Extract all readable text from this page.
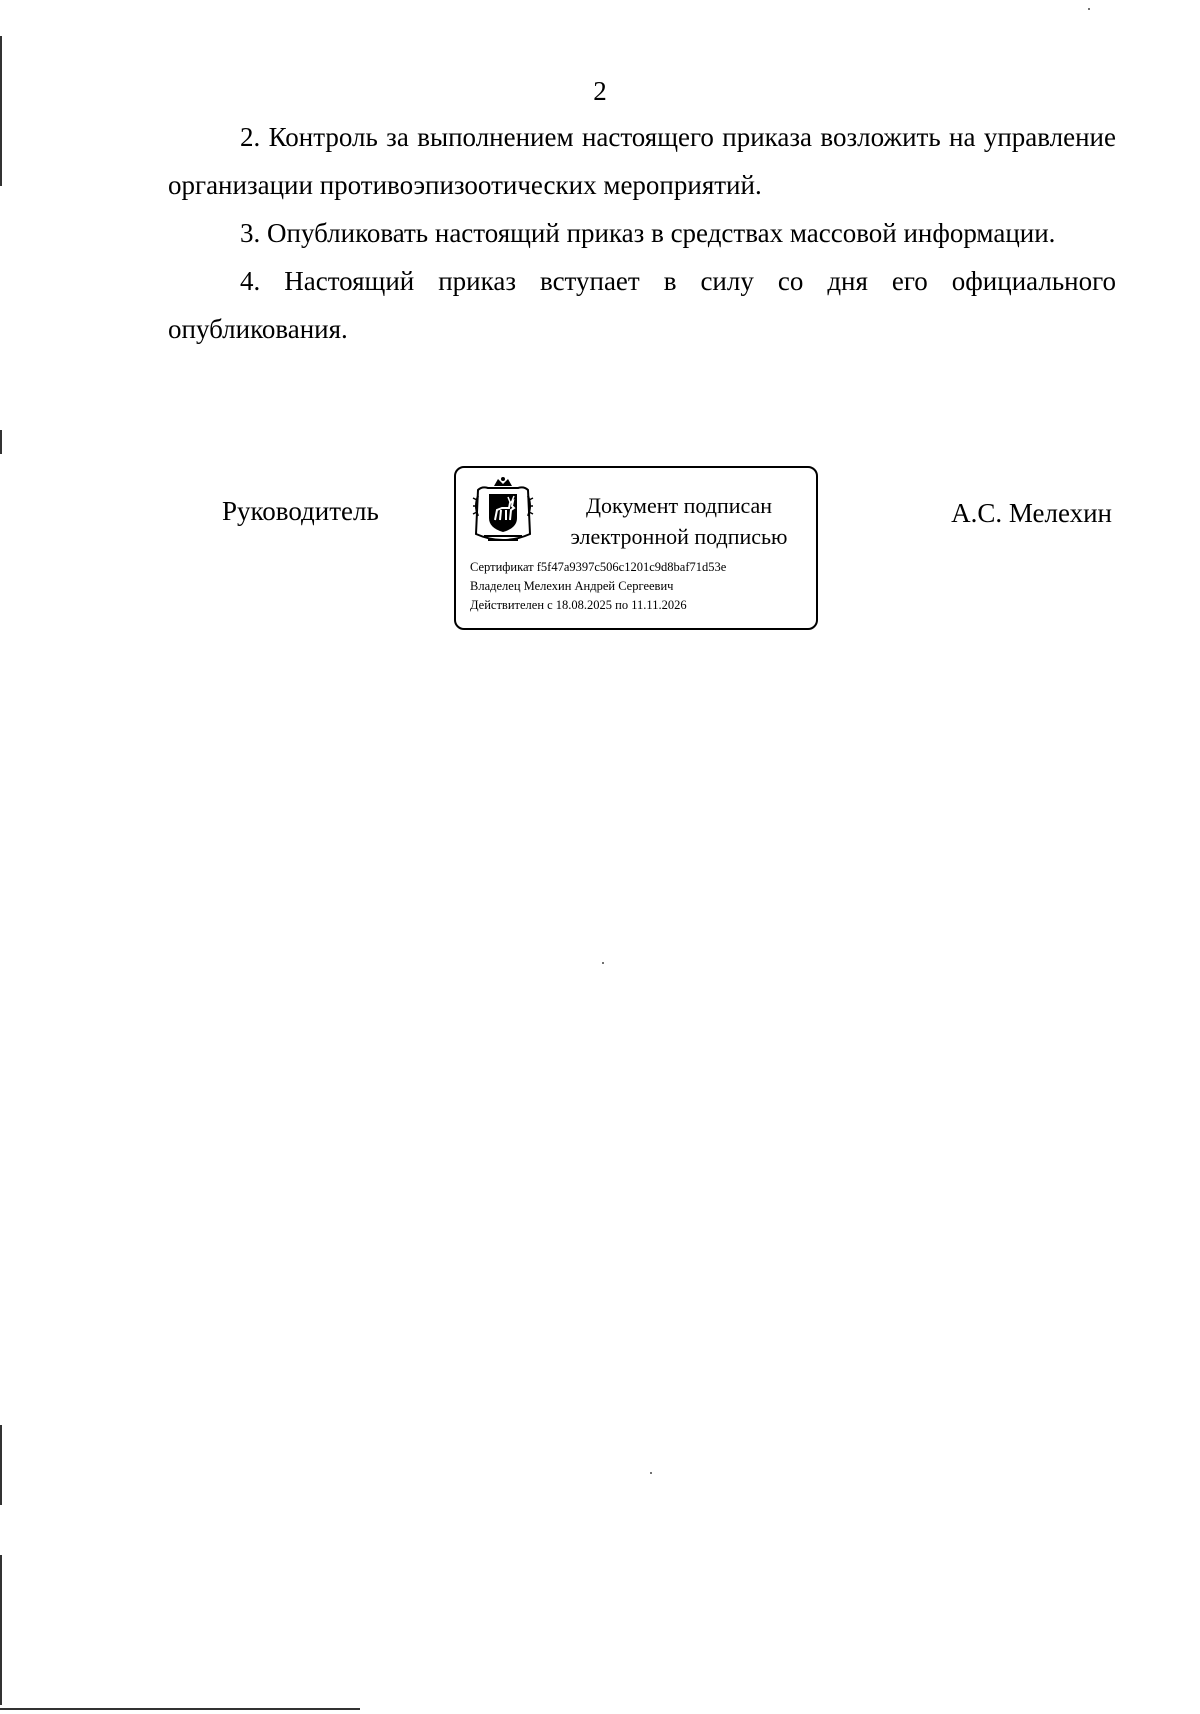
2

2. Контроль за выполнением настоящего приказа возложить на управление организации противоэпизоотических мероприятий.

3. Опубликовать настоящий приказ в средствах массовой информации.

4. Настоящий приказ вступает в силу со дня его официального опубликования.

Руководитель	Документ подписан
электронной подписью
Сертификат f5f47a9397c506c1201c9d8baf71d53e
Владелец Мелехин Андрей Сергеевич
Действителен с 18.08.2025 по 11.11.2026
А.С. Мелехин
